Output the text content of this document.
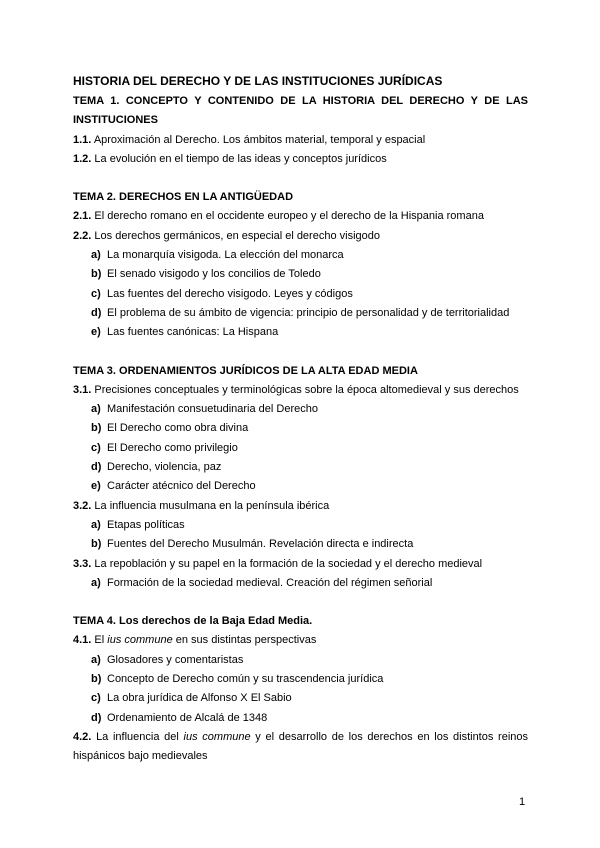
HISTORIA DEL DERECHO Y DE LAS INSTITUCIONES JURÍDICAS

TEMA 1. CONCEPTO Y CONTENIDO DE LA HISTORIA DEL DERECHO Y DE LAS

INSTITUCIONES

1.1. Aproximación al Derecho. Los ámbitos material, temporal y espacial

1.2. La evolución en el tiempo de las ideas y conceptos jurídicos

TEMA 2. DERECHOS EN LA ANTIGÜEDAD

2.1. El derecho romano en el occidente europeo y el derecho de la Hispania romana

2.2. Los derechos germánicos, en especial el derecho visigodo

a) La monarquía visigoda. La elección del monarca
b) El senado visigodo y los concilios de Toledo
c) Las fuentes del derecho visigodo. Leyes y códigos
d) El problema de su ámbito de vigencia: principio de personalidad y de territorialidad
e) Las fuentes canónicas: La Hispana

TEMA 3. ORDENAMIENTOS JURÍDICOS DE LA ALTA EDAD MEDIA

3.1. Precisiones conceptuales y terminológicas sobre la época altomedieval y sus derechos

a) Manifestación consuetudinaria del Derecho
b) El Derecho como obra divina
c) El Derecho como privilegio
d) Derecho, violencia, paz
e) Carácter atécnico del Derecho

3.2. La influencia musulmana en la península ibérica

a) Etapas políticas
b) Fuentes del Derecho Musulmán. Revelación directa e indirecta

3.3. La repoblación y su papel en la formación de la sociedad y el derecho medieval

a) Formación de la sociedad medieval. Creación del régimen señorial

TEMA 4. Los derechos de la Baja Edad Media.

4.1. El ius commune en sus distintas perspectivas

a) Glosadores y comentaristas
b) Concepto de Derecho común y su trascendencia jurídica
c) La obra jurídica de Alfonso X El Sabio
d) Ordenamiento de Alcalá de 1348

4.2. La influencia del ius commune y el desarrollo de los derechos en los distintos reinos

hispánicos bajo medievales

1
